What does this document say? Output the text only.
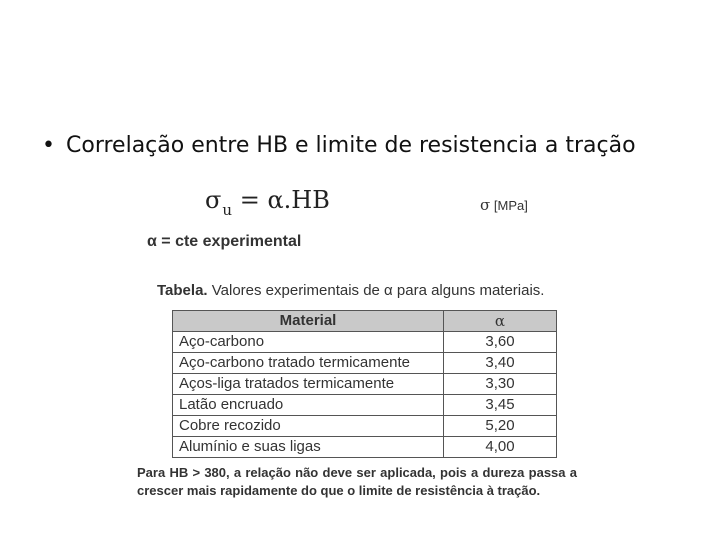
• Correlação entre HB e limite de resistencia a tração
$\sigma_u = \alpha.HB$	σ [MPa]
α = cte experimental
Tabela. Valores experimentais de α para alguns materiais.
Material	α
Aço-carbono	3,60
Aço-carbono tratado termicamente	3,40
Aços-liga tratados termicamente	3,30
Latão encruado	3,45
Cobre recozido	5,20
Alumínio e suas ligas	4,00
Para HB > 380, a relação não deve ser aplicada, pois a dureza passa a crescer mais rapidamente do que o limite de resistência à tração.
